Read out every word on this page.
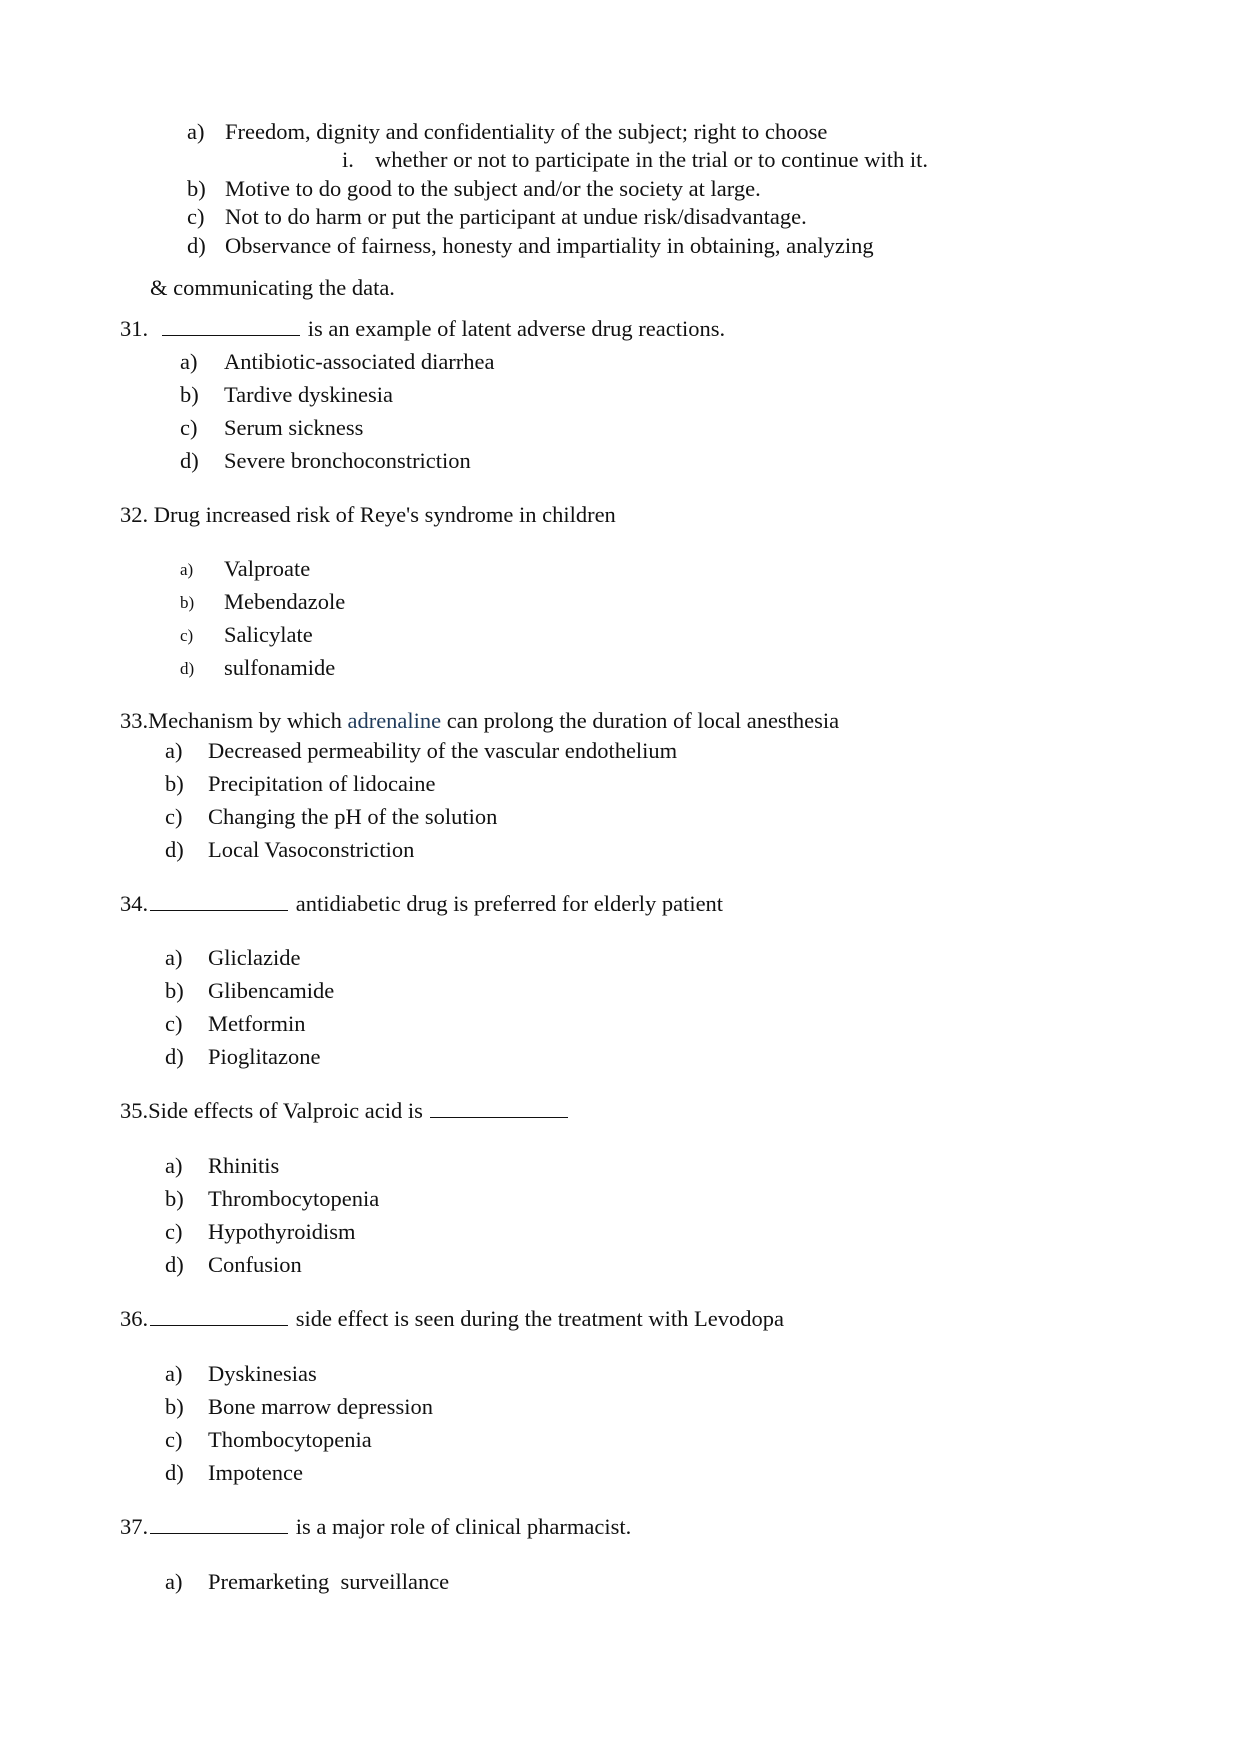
a) Freedom, dignity and confidentiality of the subject; right to choose
i. whether or not to participate in the trial or to continue with it.
b) Motive to do good to the subject and/or the society at large.
c) Not to do harm or put the participant at undue risk/disadvantage.
d) Observance of fairness, honesty and impartiality in obtaining, analyzing
& communicating the data.
31.	is an example of latent adverse drug reactions.
a) Antibiotic-associated diarrhea
b) Tardive dyskinesia
c) Serum sickness
d) Severe bronchoconstriction
32. Drug increased risk of Reye's syndrome in children
a) Valproate
b) Mebendazole
c) Salicylate
d) sulfonamide
33.Mechanism by which adrenaline can prolong the duration of local anesthesia
a) Decreased permeability of the vascular endothelium
b) Precipitation of lidocaine
c) Changing the pH of the solution
d) Local Vasoconstriction
34.	antidiabetic drug is preferred for elderly patient
a) Gliclazide
b) Glibencamide
c) Metformin
d) Pioglitazone
35.Side effects of Valproic acid is
a) Rhinitis
b) Thrombocytopenia
c) Hypothyroidism
d) Confusion
36.	side effect is seen during the treatment with Levodopa
a) Dyskinesias
b) Bone marrow depression
c) Thombocytopenia
d) Impotence
37.	is a major role of clinical pharmacist.
a) Premarketing  surveillance
